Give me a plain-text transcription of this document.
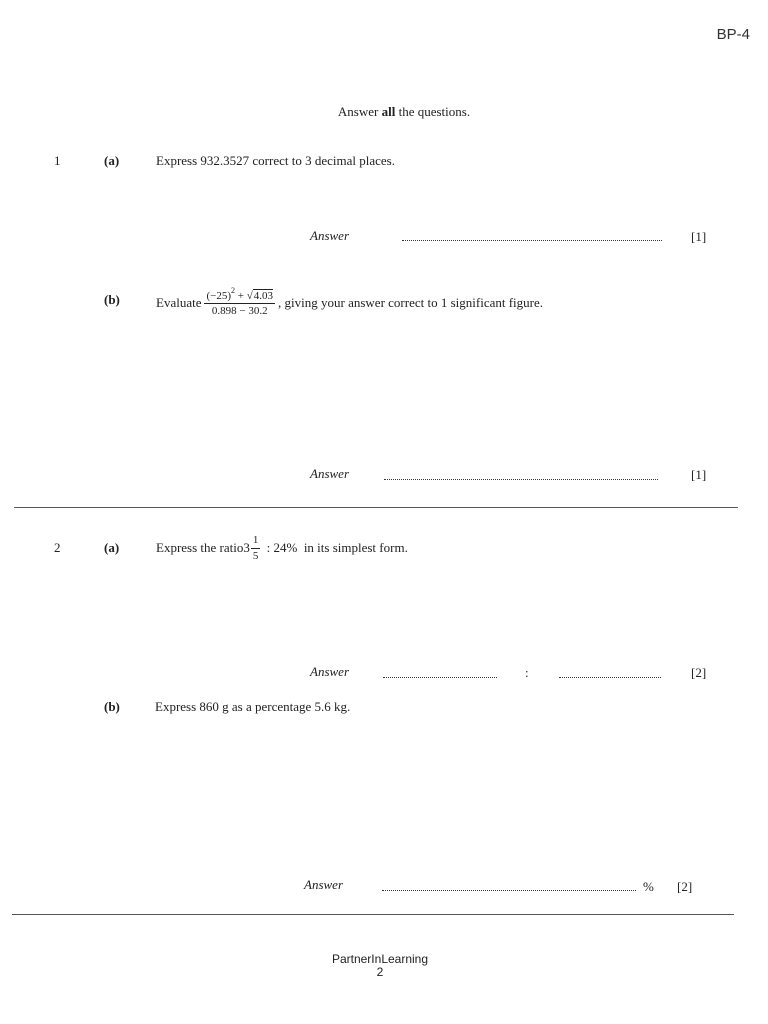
BP-4
Answer all the questions.
1	(a)	Express 932.3527 correct to 3 decimal places.
Answer	[1]
(b)	Evaluate $\frac{(-25)^2 + √4.03}{0.898 - 30.2}$ , giving your answer correct to 1 significant figure.
Answer	[1]
2	(a)	Express the ratio $3 \frac{1}{5}$ : 24%  in its simplest form.
Answer	:	[2]
(b)	Express 860 g as a percentage 5.6 kg.
Answer	% [2]
PartnerInLearning
2
